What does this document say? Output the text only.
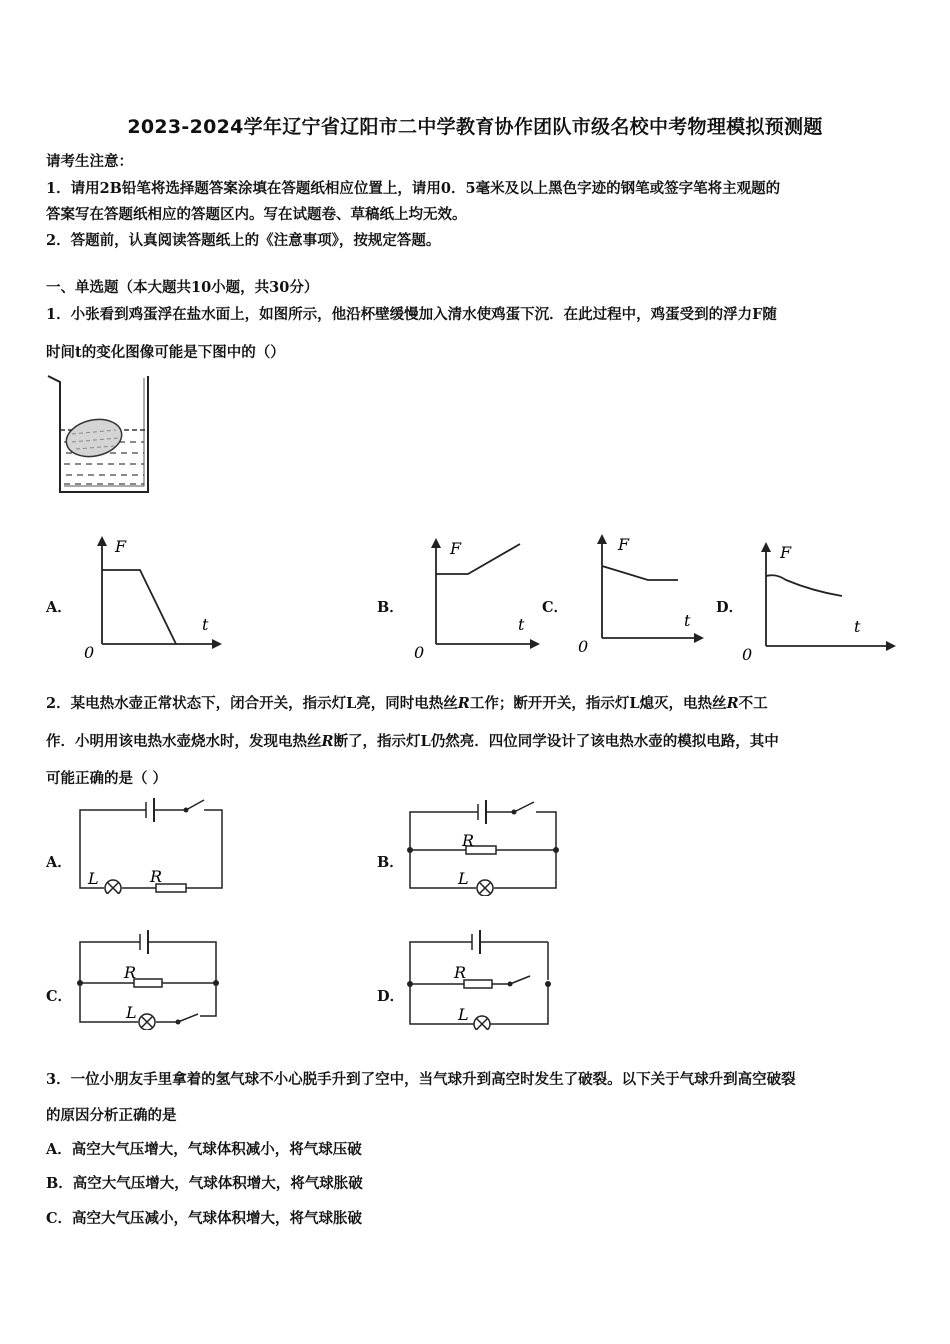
2023-2024学年辽宁省辽阳市二中学教育协作团队市级名校中考物理模拟预测题
请考生注意：
1．请用2B铅笔将选择题答案涂填在答题纸相应位置上，请用0．5毫米及以上黑色字迹的钢笔或签字笔将主观题的
答案写在答题纸相应的答题区内。写在试题卷、草稿纸上均无效。
2．答题前，认真阅读答题纸上的《注意事项》，按规定答题。
一、单选题（本大题共10小题，共30分）
1．小张看到鸡蛋浮在盐水面上，如图所示，他沿杯壁缓慢加入清水使鸡蛋下沉．在此过程中，鸡蛋受到的浮力F随
时间t的变化图像可能是下图中的（）
A．	B．	C．	D．
F
t
0
F
t
0
F
t
0
F
t
0
2．某电热水壶正常状态下，闭合开关，指示灯L亮，同时电热丝R工作；断开开关，指示灯L熄灭，电热丝R不工
作．小明用该电热水壶烧水时，发现电热丝R断了，指示灯L仍然亮．四位同学设计了该电热水壶的模拟电路，其中
可能正确的是（ ）
A．	B．
C．	D．
L	R
R
L
R
L
R
L
3．一位小朋友手里拿着的氢气球不小心脱手升到了空中，当气球升到高空时发生了破裂。以下关于气球升到高空破裂
的原因分析正确的是
A．高空大气压增大，气球体积减小，将气球压破
B．高空大气压增大，气球体积增大，将气球胀破
C．高空大气压减小，气球体积增大，将气球胀破
